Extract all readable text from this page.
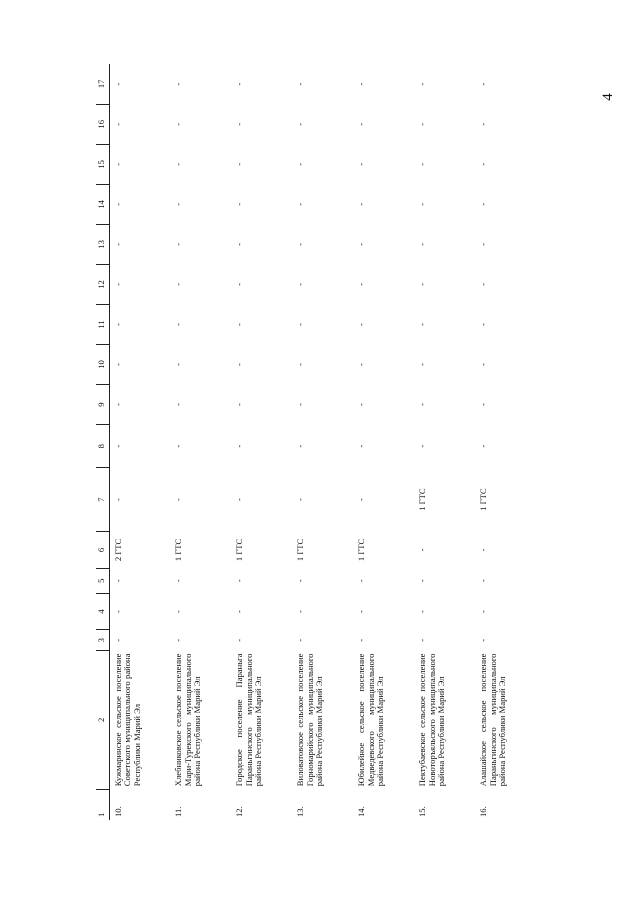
4
1	2	3	4	5	6	7	8	9	10	11	12	13	14	15	16	17
10.	Кужмаринское сельское поселение Советского муниципального района Республики Марий Эл	-	-	-	2 ГТС	-	-	-	-	-	-	-	-	-	-	-
11.	Хлебниковское сельское поселение Мари-Турекского муниципального района Республики Марий Эл	-	-	-	1 ГТС	-	-	-	-	-	-	-	-	-	-	-
12.	Городское поселение Параньга Параньгинского муниципального района Республики Марий Эл	-	-	-	1 ГТС	-	-	-	-	-	-	-	-	-	-	-
13.	Виловатовское сельское поселение Горномарийского муниципального района Республики Марий Эл	-	-	-	1 ГТС	-	-	-	-	-	-	-	-	-	-	-
14.	Юбилейное сельское поселение Медведевского муниципального района Республики Марий Эл	-	-	-	1 ГТС	-	-	-	-	-	-	-	-	-	-	-
15.	Пектубаевское сельское поселение Новоторъяльского муниципального района Республики Марий Эл	-	-	-	-	1 ГТС	-	-	-	-	-	-	-	-	-	-
16.	Алашайское сельское поселение Параньгинского муниципального района Республики Марий Эл	-	-	-	-	1 ГТС	-	-	-	-	-	-	-	-	-	-
